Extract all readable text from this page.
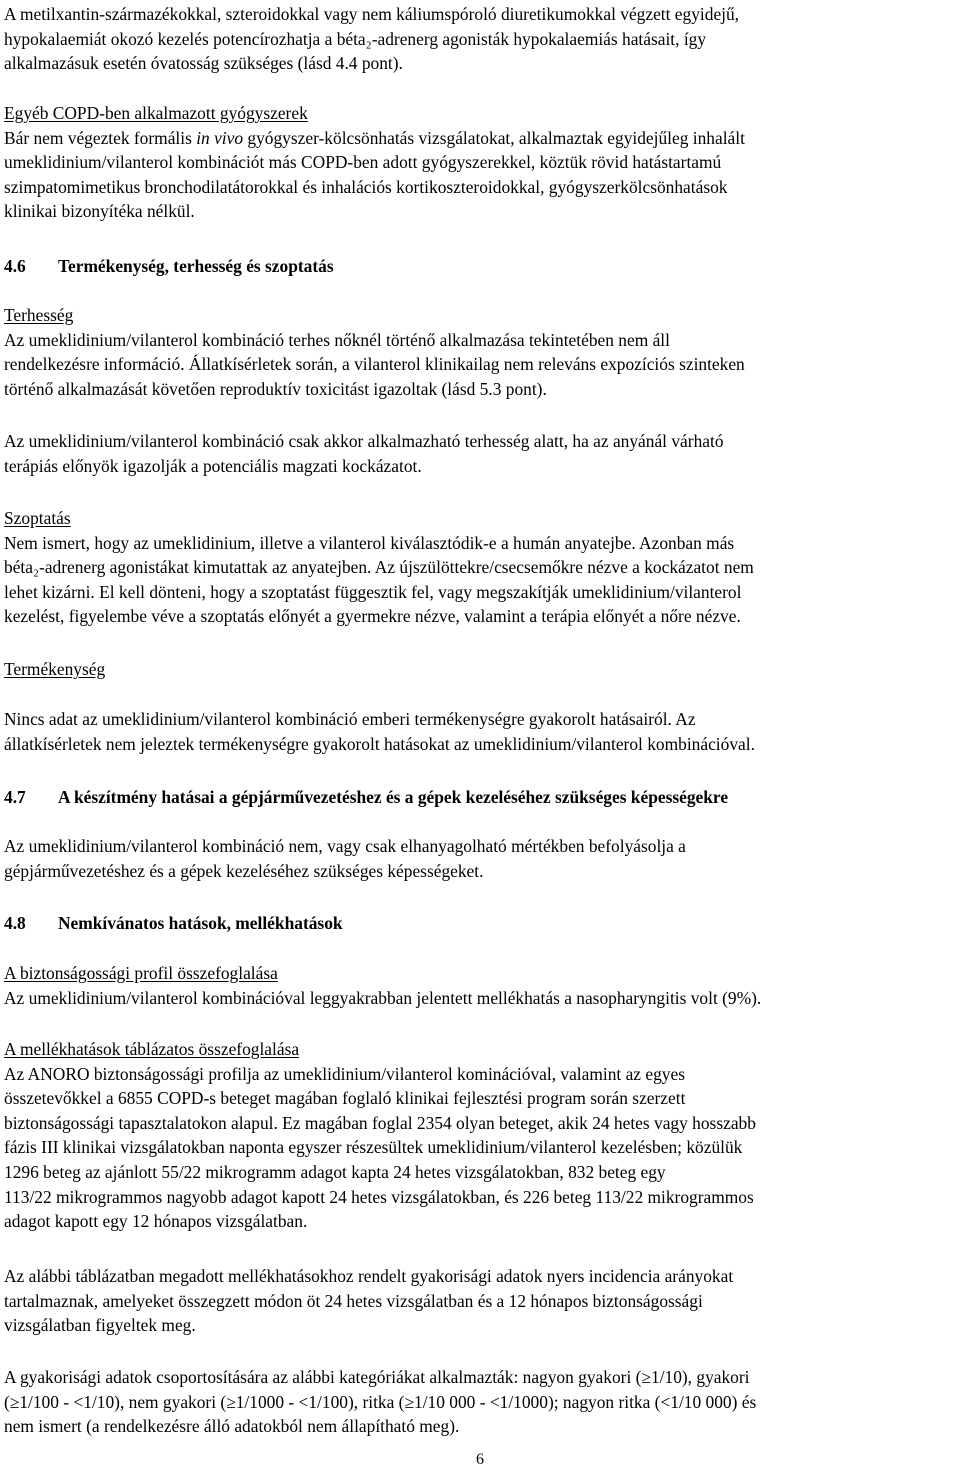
A metilxantin-származékokkal, szteroidokkal vagy nem káliumspóroló diuretikumokkal végzett egyidejű,

hypokalaemiát okozó kezelés potencírozhatja a béta₂-adrenerg agonisták hypokalaemiás hatásait, így

alkalmazásuk esetén óvatosság szükséges (lásd 4.4 pont).

Egyéb COPD-ben alkalmazott gyógyszerek

Bár nem végeztek formális in vivo gyógyszer-kölcsönhatás vizsgálatokat, alkalmaztak egyidejűleg inhalált

umeklidinium/vilanterol kombinációt más COPD-ben adott gyógyszerekkel, köztük rövid hatástartamú

szimpatomimetikus bronchodilatátorokkal és inhalációs kortikoszteroidokkal, gyógyszerkölcsönhatások

klinikai bizonyítéka nélkül.

4.6 Termékenység, terhesség és szoptatás

Terhesség

Az umeklidinium/vilanterol kombináció terhes nőknél történő alkalmazása tekintetében nem áll

rendelkezésre információ. Állatkísérletek során, a vilanterol klinikailag nem releváns expozíciós szinteken

történő alkalmazását követően reproduktív toxicitást igazoltak (lásd 5.3 pont).

Az umeklidinium/vilanterol kombináció csak akkor alkalmazható terhesség alatt, ha az anyánál várható

terápiás előnyök igazolják a potenciális magzati kockázatot.

Szoptatás

Nem ismert, hogy az umeklidinium, illetve a vilanterol kiválasztódik-e a humán anyatejbe. Azonban más

béta₂-adrenerg agonistákat kimutattak az anyatejben. Az újszülöttekre/csecsemőkre nézve a kockázatot nem

lehet kizárni. El kell dönteni, hogy a szoptatást függesztik fel, vagy megszakítják umeklidinium/vilanterol

kezelést, figyelembe véve a szoptatás előnyét a gyermekre nézve, valamint a terápia előnyét a nőre nézve.

Termékenység

Nincs adat az umeklidinium/vilanterol kombináció emberi termékenységre gyakorolt hatásairól. Az

állatkísérletek nem jeleztek termékenységre gyakorolt hatásokat az umeklidinium/vilanterol kombinációval.

4.7 A készítmény hatásai a gépjárművezetéshez és a gépek kezeléséhez szükséges képességekre

Az umeklidinium/vilanterol kombináció nem, vagy csak elhanyagolható mértékben befolyásolja a

gépjárművezetéshez és a gépek kezeléséhez szükséges képességeket.

4.8 Nemkívánatos hatások, mellékhatások

A biztonságossági profil összefoglalása

Az umeklidinium/vilanterol kombinációval leggyakrabban jelentett mellékhatás a nasopharyngitis volt (9%).

A mellékhatások táblázatos összefoglalása

Az ANORO biztonságossági profilja az umeklidinium/vilanterol kominációval, valamint az egyes

összetevőkkel a 6855 COPD-s beteget magában foglaló klinikai fejlesztési program során szerzett

biztonságossági tapasztalatokon alapul. Ez magában foglal 2354 olyan beteget, akik 24 hetes vagy hosszabb

fázis III klinikai vizsgálatokban naponta egyszer részesültek umeklidinium/vilanterol kezelésben; közülük

1296 beteg az ajánlott 55/22 mikrogramm adagot kapta 24 hetes vizsgálatokban, 832 beteg egy

113/22 mikrogrammos nagyobb adagot kapott 24 hetes vizsgálatokban, és 226 beteg 113/22 mikrogrammos

adagot kapott egy 12 hónapos vizsgálatban.

Az alábbi táblázatban megadott mellékhatásokhoz rendelt gyakorisági adatok nyers incidencia arányokat

tartalmaznak, amelyeket összegzett módon öt 24 hetes vizsgálatban és a 12 hónapos biztonságossági

vizsgálatban figyeltek meg.

A gyakorisági adatok csoportosítására az alábbi kategóriákat alkalmazták: nagyon gyakori (≥1/10), gyakori

(≥1/100 - <1/10), nem gyakori (≥1/1000 - <1/100), ritka (≥1/10 000 - <1/1000); nagyon ritka (<1/10 000) és

nem ismert (a rendelkezésre álló adatokból nem állapítható meg).

6
